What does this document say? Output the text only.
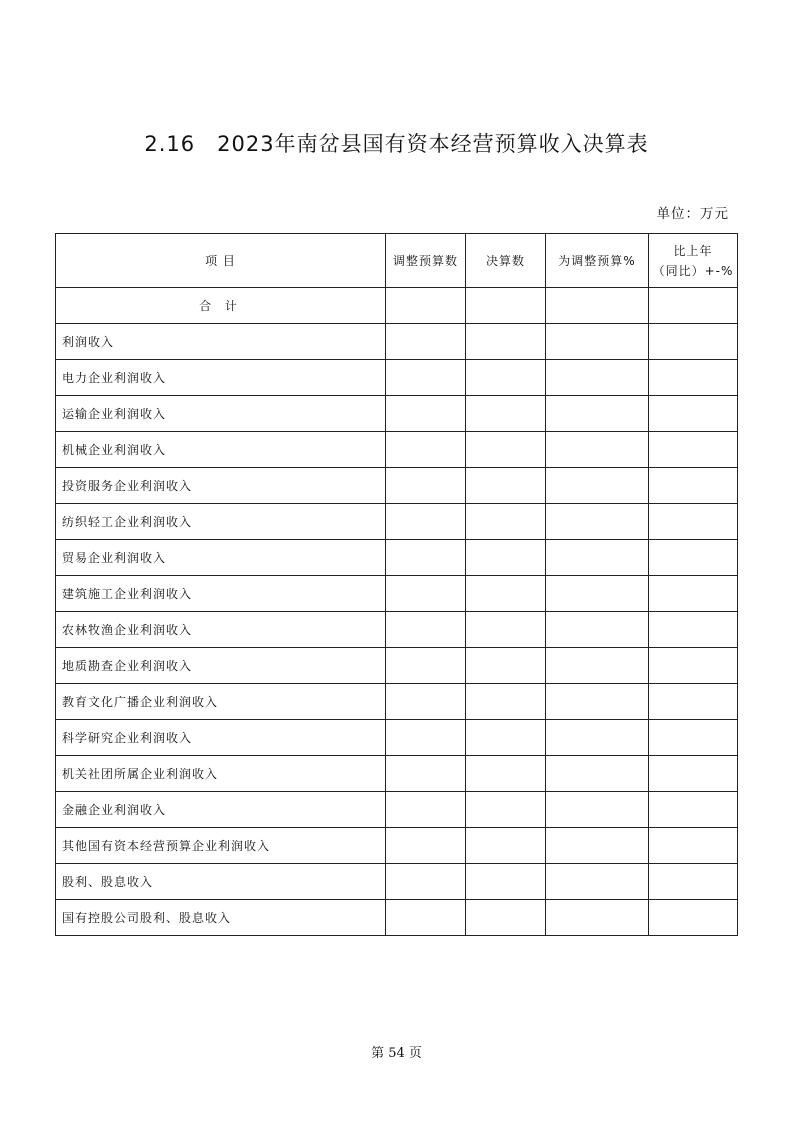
2.16　2023年南岔县国有资本经营预算收入决算表
单位：万元
项 目	调整预算数	决算数	为调整预算%	比上年
（同比）+-%

合 计				
利润收入				
电力企业利润收入				
运输企业利润收入				
机械企业利润收入				
投资服务企业利润收入				
纺织轻工企业利润收入				
贸易企业利润收入				
建筑施工企业利润收入				
农林牧渔企业利润收入				
地质勘查企业利润收入				
教育文化广播企业利润收入				
科学研究企业利润收入				
机关社团所属企业利润收入				
金融企业利润收入				
其他国有资本经营预算企业利润收入				
股利、股息收入				
国有控股公司股利、股息收入				
第 54 页
